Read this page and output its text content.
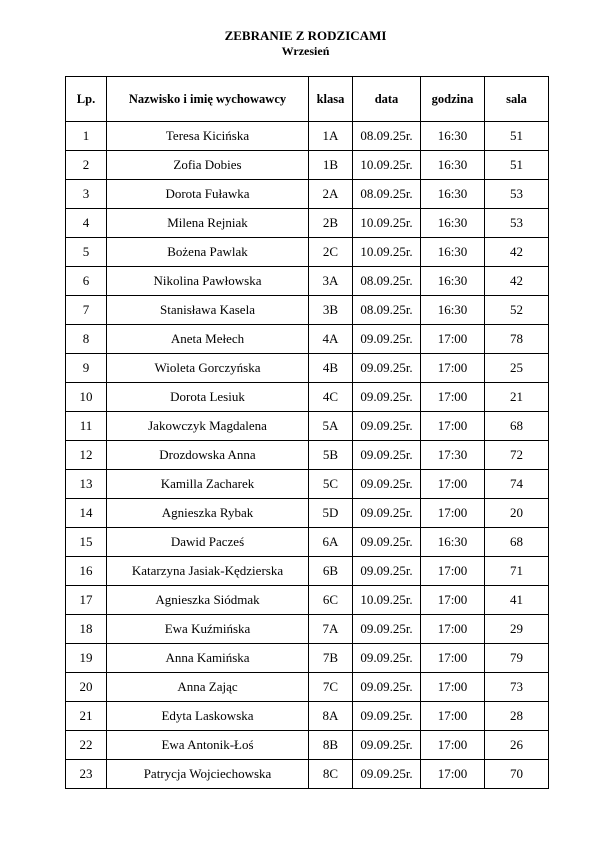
ZEBRANIE Z RODZICAMI
Wrzesień
Lp.	Nazwisko i imię wychowawcy	klasa	data	godzina	sala
1	Teresa Kicińska	1A	08.09.25r.	16:30	51
2	Zofia Dobies	1B	10.09.25r.	16:30	51
3	Dorota Fuławka	2A	08.09.25r.	16:30	53
4	Milena Rejniak	2B	10.09.25r.	16:30	53
5	Bożena Pawlak	2C	10.09.25r.	16:30	42
6	Nikolina Pawłowska	3A	08.09.25r.	16:30	42
7	Stanisława Kasela	3B	08.09.25r.	16:30	52
8	Aneta Mełech	4A	09.09.25r.	17:00	78
9	Wioleta Gorczyńska	4B	09.09.25r.	17:00	25
10	Dorota Lesiuk	4C	09.09.25r.	17:00	21
11	Jakowczyk Magdalena	5A	09.09.25r.	17:00	68
12	Drozdowska Anna	5B	09.09.25r.	17:30	72
13	Kamilla Zacharek	5C	09.09.25r.	17:00	74
14	Agnieszka Rybak	5D	09.09.25r.	17:00	20
15	Dawid Pacześ	6A	09.09.25r.	16:30	68
16	Katarzyna Jasiak-Kędzierska	6B	09.09.25r.	17:00	71
17	Agnieszka Siódmak	6C	10.09.25r.	17:00	41
18	Ewa Kuźmińska	7A	09.09.25r.	17:00	29
19	Anna Kamińska	7B	09.09.25r.	17:00	79
20	Anna Zając	7C	09.09.25r.	17:00	73
21	Edyta Laskowska	8A	09.09.25r.	17:00	28
22	Ewa Antonik-Łoś	8B	09.09.25r.	17:00	26
23	Patrycja Wojciechowska	8C	09.09.25r.	17:00	70
